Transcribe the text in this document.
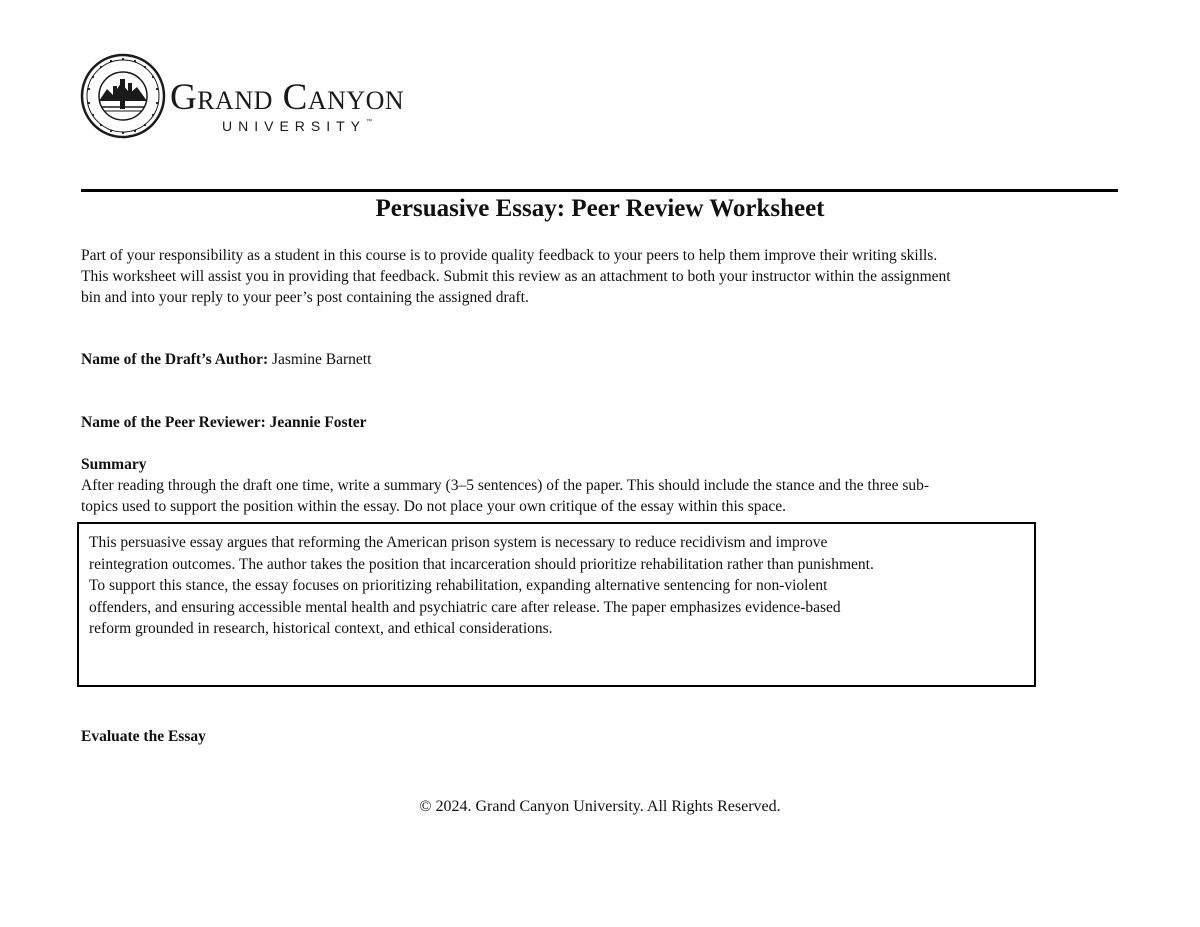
Grand Canyon
UNIVERSITY™
Persuasive Essay: Peer Review Worksheet
Part of your responsibility as a student in this course is to provide quality feedback to your peers to help them improve their writing skills.
This worksheet will assist you in providing that feedback. Submit this review as an attachment to both your instructor within the assignment
bin and into your reply to your peer’s post containing the assigned draft.
Name of the Draft’s Author: Jasmine Barnett
Name of the Peer Reviewer: Jeannie Foster
Summary
After reading through the draft one time, write a summary (3–5 sentences) of the paper. This should include the stance and the three sub-
topics used to support the position within the essay. Do not place your own critique of the essay within this space.
This persuasive essay argues that reforming the American prison system is necessary to reduce recidivism and improve
reintegration outcomes. The author takes the position that incarceration should prioritize rehabilitation rather than punishment.
To support this stance, the essay focuses on prioritizing rehabilitation, expanding alternative sentencing for non-violent
offenders, and ensuring accessible mental health and psychiatric care after release. The paper emphasizes evidence-based
reform grounded in research, historical context, and ethical considerations.
Evaluate the Essay
© 2024. Grand Canyon University. All Rights Reserved.
